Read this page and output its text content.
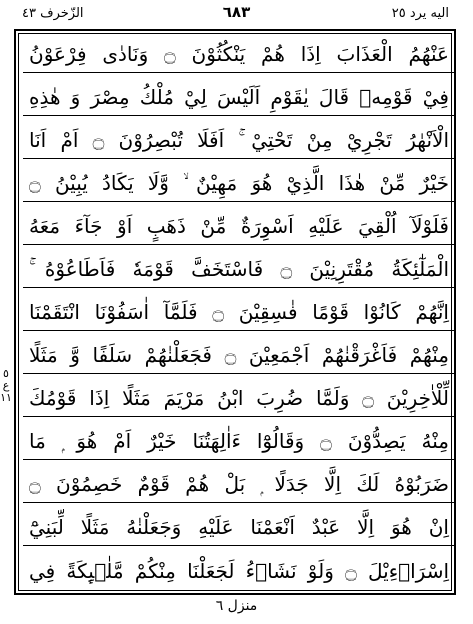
الزّخرف ٤٣	٦٨٣	اليه يرد ٢٥
٥
ع
١١
عَنْهُمُ الْعَذَابَ اِذَا هُمْ يَنْكُثُوْنَ ۝ وَنَادٰى فِرْعَوْنُ
فِيْ قَوْمِهٖ قَالَ يٰقَوْمِ اَلَيْسَ لِيْ مُلْكُ مِصْرَ وَ هٰذِهِ
الْاَنْهٰرُ تَجْرِيْ مِنْ تَحْتِيْ ۚ اَفَلَا تُبْصِرُوْنَ ۝ اَمْ اَنَا
خَيْرٌ مِّنْ هٰذَا الَّذِيْ هُوَ مَهِيْنٌ ۙ وَّلَا يَكَادُ يُبِيْنُ ۝
فَلَوْلَآ اُلْقِيَ عَلَيْهِ اَسْوِرَةٌ مِّنْ ذَهَبٍ اَوْ جَآءَ مَعَهُ
الْمَلٰٓئِكَةُ مُقْتَرِنِيْنَ ۝ فَاسْتَخَفَّ قَوْمَهٗ فَاَطَاعُوْهُ ۚ
اِنَّهُمْ كَانُوْا قَوْمًا فٰسِقِيْنَ ۝ فَلَمَّآ اٰسَفُوْنَا انْتَقَمْنَا
مِنْهُمْ فَاَغْرَقْنٰهُمْ اَجْمَعِيْنَ ۝ فَجَعَلْنٰهُمْ سَلَفًا وَّ مَثَلًا
لِّلْاٰخِرِيْنَ ۝ وَلَمَّا ضُرِبَ ابْنُ مَرْيَمَ مَثَلًا اِذَا قَوْمُكَ
مِنْهُ يَصِدُّوْنَ ۝ وَقَالُوْٓا ءَاٰلِهَتُنَا خَيْرٌ اَمْ هُوَ ۭ مَا
ضَرَبُوْهُ لَكَ اِلَّا جَدَلًا ۭ بَلْ هُمْ قَوْمٌ خَصِمُوْنَ ۝
اِنْ هُوَ اِلَّا عَبْدٌ اَنْعَمْنَا عَلَيْهِ وَجَعَلْنٰهُ مَثَلًا لِّبَنِيْٓ
اِسْرَاۗءِيْلَ ۝ وَلَوْ نَشَاۗءُ لَجَعَلْنَا مِنْكُمْ مَّلٰۗىِٕكَةً فِي
منزل ٦
